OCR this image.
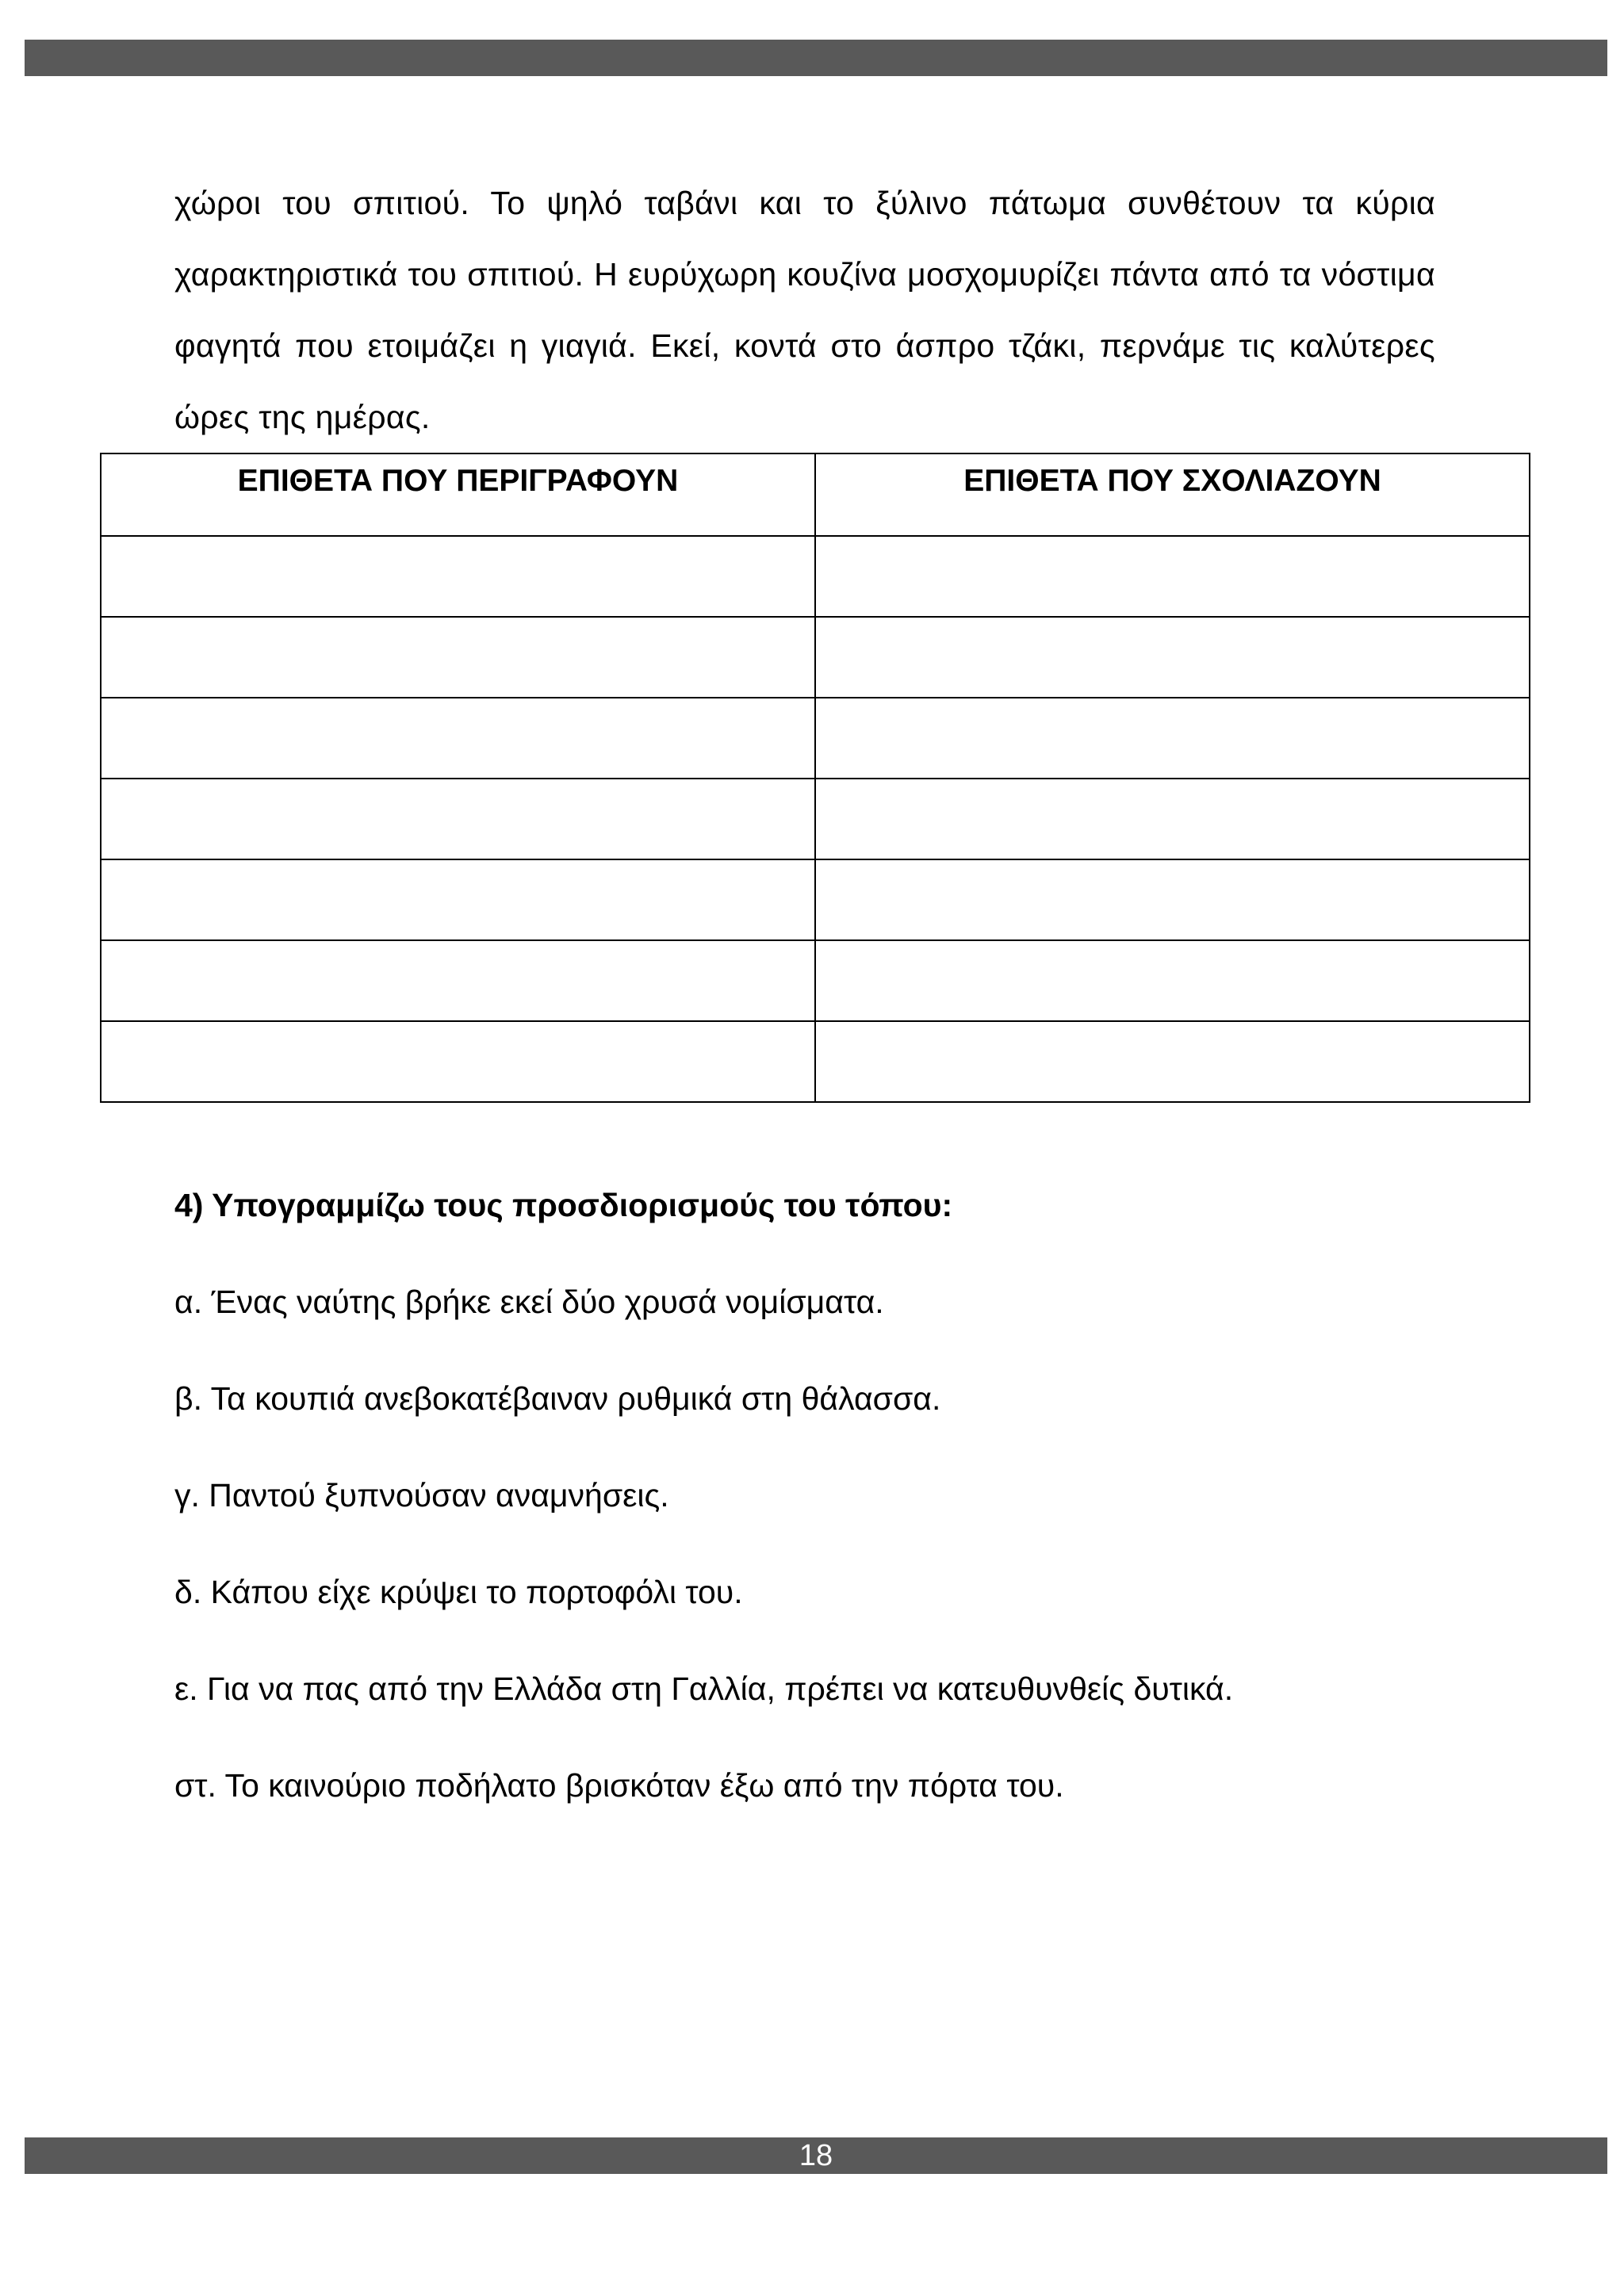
χώροι του σπιτιού. Το ψηλό ταβάνι και το ξύλινο πάτωμα συνθέτουν τα κύρια χαρακτηριστικά του σπιτιού. Η ευρύχωρη κουζίνα μοσχομυρίζει πάντα από τα νόστιμα φαγητά που ετοιμάζει η γιαγιά. Εκεί, κοντά στο άσπρο τζάκι, περνάμε τις καλύτερες ώρες της ημέρας.

ΕΠΙΘΕΤΑ ΠΟΥ ΠΕΡΙΓΡΑΦΟΥΝ	ΕΠΙΘΕΤΑ ΠΟΥ ΣΧΟΛΙΑΖΟΥΝ

4) Υπογραμμίζω τους προσδιορισμούς του τόπου:

α. Ένας ναύτης βρήκε εκεί δύο χρυσά νομίσματα.

β. Τα κουπιά ανεβοκατέβαιναν ρυθμικά στη θάλασσα.

γ. Παντού ξυπνούσαν αναμνήσεις.

δ. Κάπου είχε κρύψει το πορτοφόλι του.

ε. Για να πας από την Ελλάδα στη Γαλλία, πρέπει να κατευθυνθείς δυτικά.

στ. Το καινούριο ποδήλατο βρισκόταν έξω από την πόρτα του.

18
